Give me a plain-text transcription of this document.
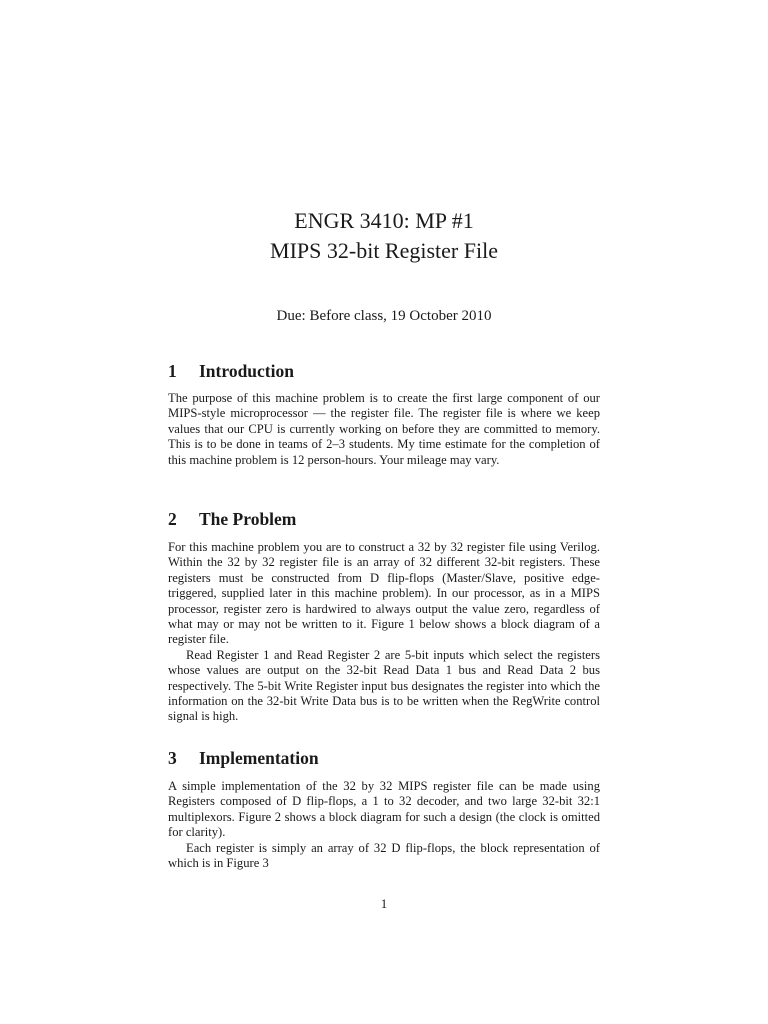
ENGR 3410: MP #1
MIPS 32-bit Register File
Due: Before class, 19 October 2010
1 Introduction

The purpose of this machine problem is to create the first large component of our MIPS-style microprocessor — the register file. The register file is where we keep values that our CPU is currently working on before they are committed to memory. This is to be done in teams of 2–3 students. My time estimate for the completion of this machine problem is 12 person-hours. Your mileage may vary.

2 The Problem

For this machine problem you are to construct a 32 by 32 register file using Verilog. Within the 32 by 32 register file is an array of 32 different 32-bit registers. These registers must be constructed from D flip-flops (Master/Slave, positive edge-triggered, supplied later in this machine problem). In our processor, as in a MIPS processor, register zero is hardwired to always output the value zero, regardless of what may or may not be written to it. Figure 1 below shows a block diagram of a register file.

Read Register 1 and Read Register 2 are 5-bit inputs which select the registers whose values are output on the 32-bit Read Data 1 bus and Read Data 2 bus respectively. The 5-bit Write Register input bus designates the register into which the information on the 32-bit Write Data bus is to be written when the RegWrite control signal is high.

3 Implementation

A simple implementation of the 32 by 32 MIPS register file can be made using Registers composed of D flip-flops, a 1 to 32 decoder, and two large 32-bit 32:1 multiplexors. Figure 2 shows a block diagram for such a design (the clock is omitted for clarity).

Each register is simply an array of 32 D flip-flops, the block representation of which is in Figure 3

1
